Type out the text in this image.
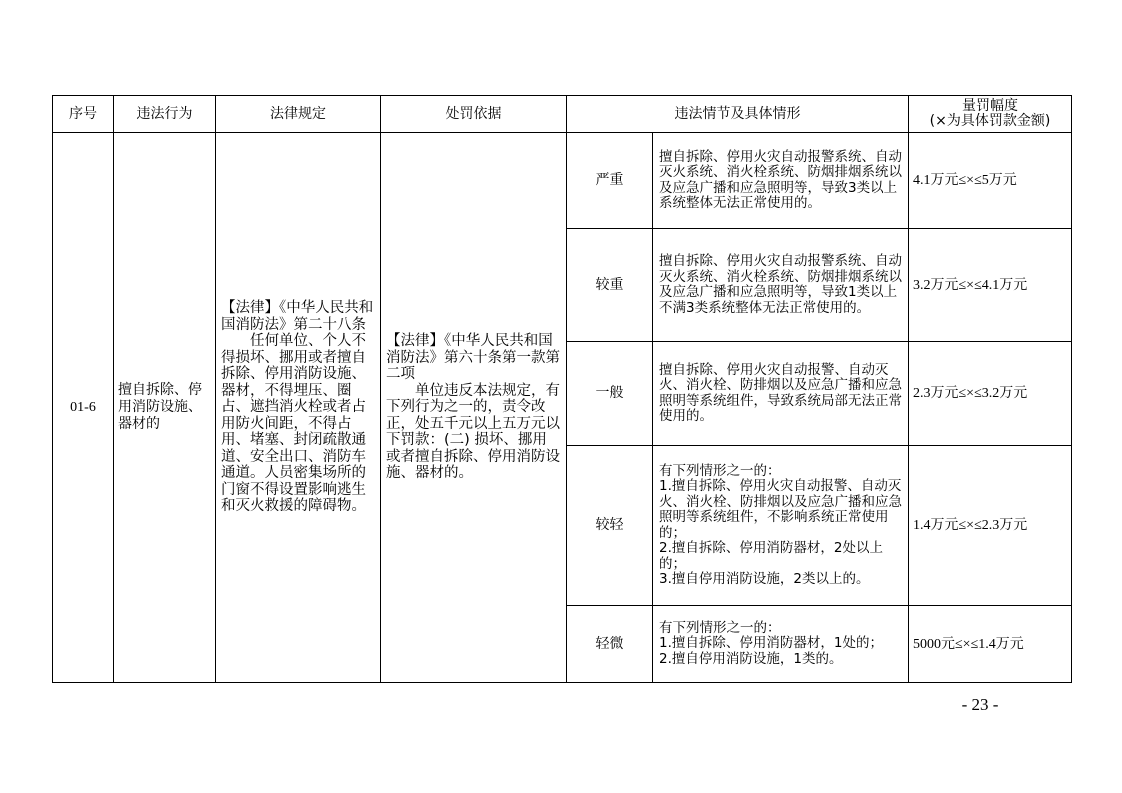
序号	违法行为	法律规定	处罚依据	违法情节及具体情形		量罚幅度
(×为具体罚款金额)

01-6	擅自拆除、停用消防设施、器材的	【法律】《中华人民共和国消防法》第二十八条
任何单位、个人不得损坏、挪用或者擅自拆除、停用消防设施、器材，不得埋压、圈占、遮挡消火栓或者占用防火间距，不得占用、堵塞、封闭疏散通道、安全出口、消防车通道。人员密集场所的门窗不得设置影响逃生和灭火救援的障碍物。	【法律】《中华人民共和国消防法》第六十条第一款第二项
单位违反本法规定，有下列行为之一的，责令改正，处五千元以上五万元以下罚款：(二) 损坏、挪用或者擅自拆除、停用消防设施、器材的。	严重	擅自拆除、停用火灾自动报警系统、自动灭火系统、消火栓系统、防烟排烟系统以及应急广播和应急照明等，导致3类以上系统整体无法正常使用的。	4.1万元≤×≤5万元
				较重	擅自拆除、停用火灾自动报警系统、自动灭火系统、消火栓系统、防烟排烟系统以及应急广播和应急照明等，导致1类以上不满3类系统整体无法正常使用的。	3.2万元≤×≤4.1万元
				一般	擅自拆除、停用火灾自动报警、自动灭火、消火栓、防排烟以及应急广播和应急照明等系统组件，导致系统局部无法正常使用的。	2.3万元≤×≤3.2万元
				较轻	有下列情形之一的：
1.擅自拆除、停用火灾自动报警、自动灭火、消火栓、防排烟以及应急广播和应急照明等系统组件，不影响系统正常使用的；
2.擅自拆除、停用消防器材，2处以上的；
3.擅自停用消防设施，2类以上的。	1.4万元≤×≤2.3万元
				轻微	有下列情形之一的：
1.擅自拆除、停用消防器材，1处的；
2.擅自停用消防设施，1类的。	5000元≤×≤1.4万元
- 23 -
